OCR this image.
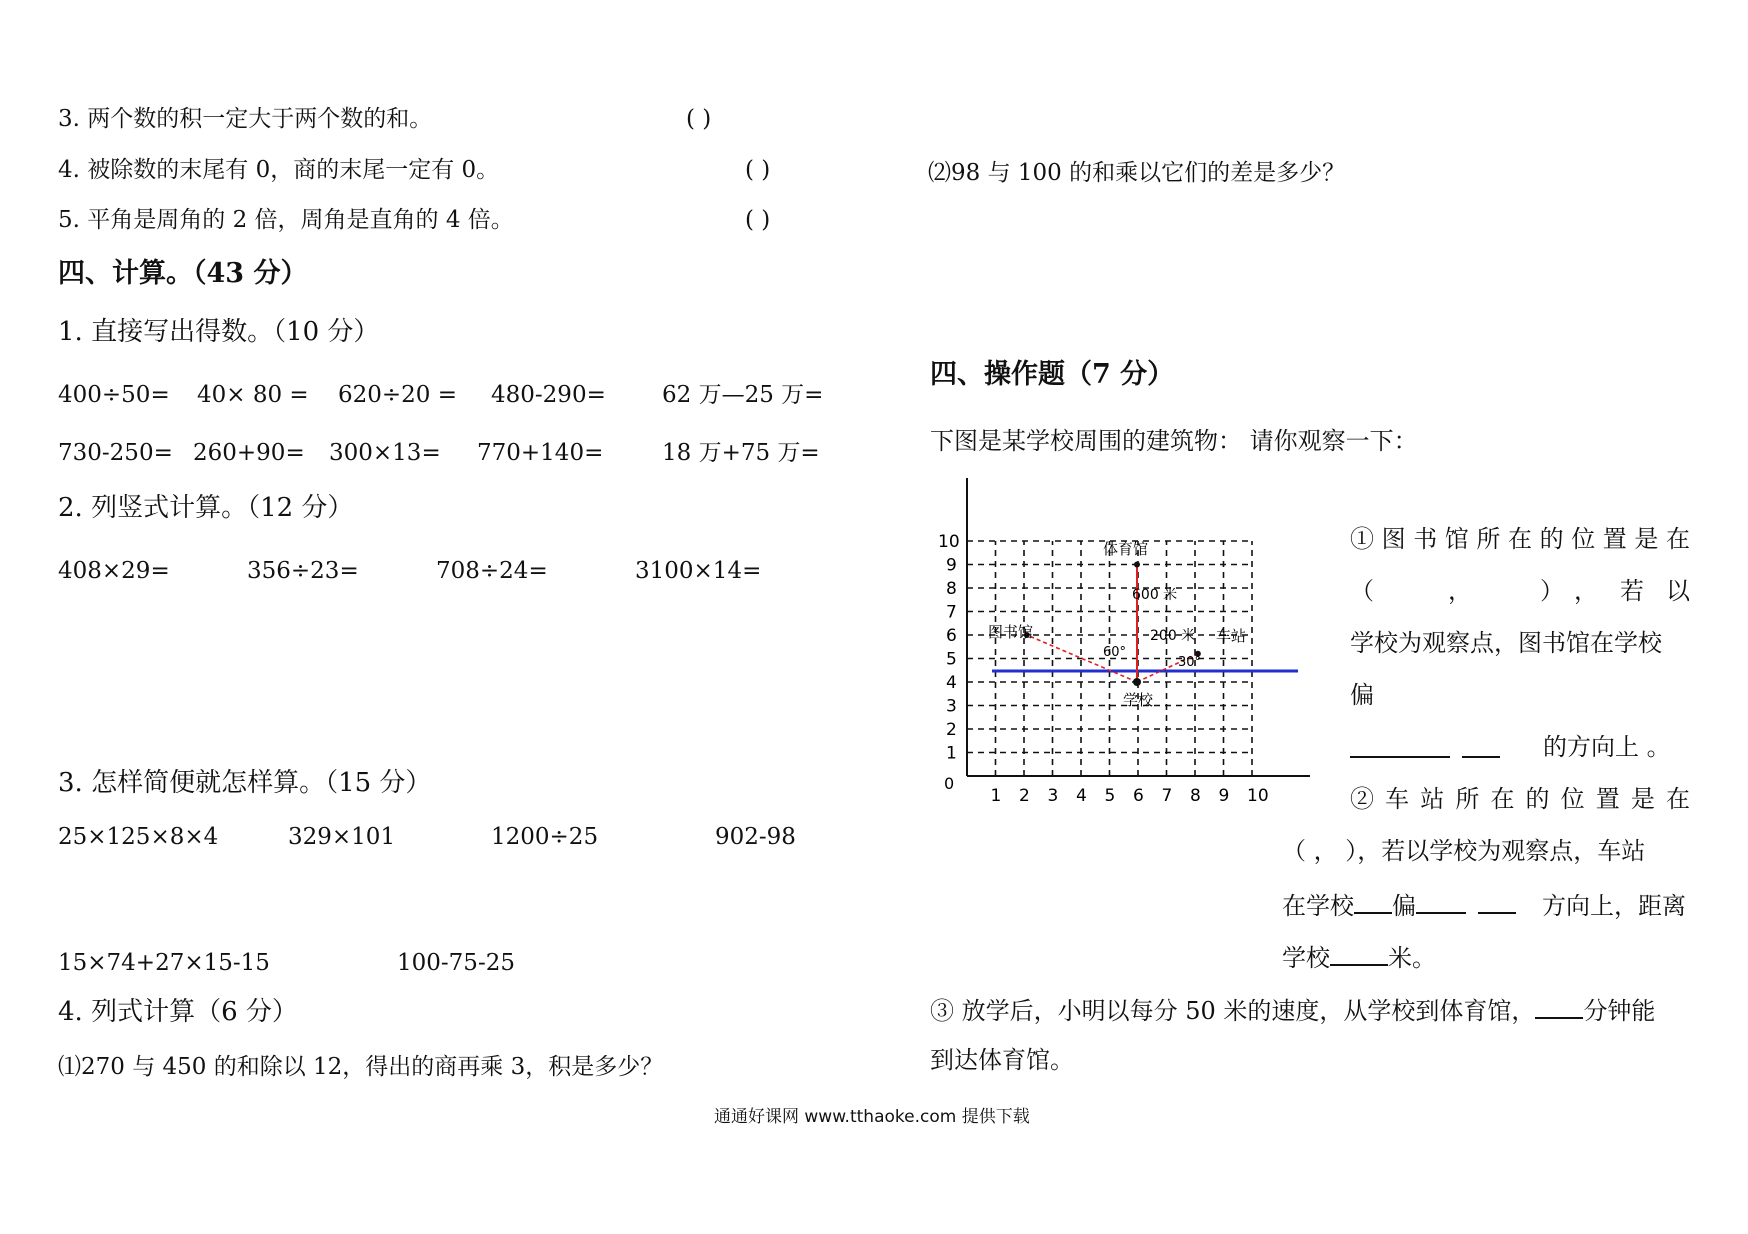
3. 两个数的积一定大于两个数的和。	( )
4. 被除数的末尾有 0，商的末尾一定有 0。	( )
5. 平角是周角的 2 倍，周角是直角的 4 倍。	( )
四、计算。（43 分）
1. 直接写出得数。（10 分）
400÷50= 40× 80 = 620÷20 = 480-290= 62 万—25 万=
730-250= 260+90= 300×13= 770+140=	18 万+75 万=
2. 列竖式计算。（12 分）
408×29=	356÷23=	708÷24=	3100×14=
3. 怎样简便就怎样算。（15 分）
25×125×8×4	329×101	1200÷25	902-98
15×74+27×15-15	100-75-25
4. 列式计算（6 分）
⑴270 与 450 的和除以 12，得出的商再乘 3，积是多少？
⑵98 与 100 的和乘以它们的差是多少？
四、操作题（7 分）
下图是某学校周围的建筑物： 请你观察一下：
1 2 3 4 5 6 7 8 9 10
1
2
3
4
5
6
7
8
9
10
0
体育馆
图书馆	车站
学校
600 米
200 米
60°
30°
①图书馆所在的位置是在
（	，	），若以
学校为观察点，图书馆在学校
偏
的方向上 。
②车站所在的位置是在
（ ， ），若以学校为观察点，车站
在学校 偏	方向上，距离
学校 米。
③ 放学后，小明以每分 50 米的速度，从学校到体育馆， 分钟能
到达体育馆。
通通好课网 www.tthaoke.com 提供下载
